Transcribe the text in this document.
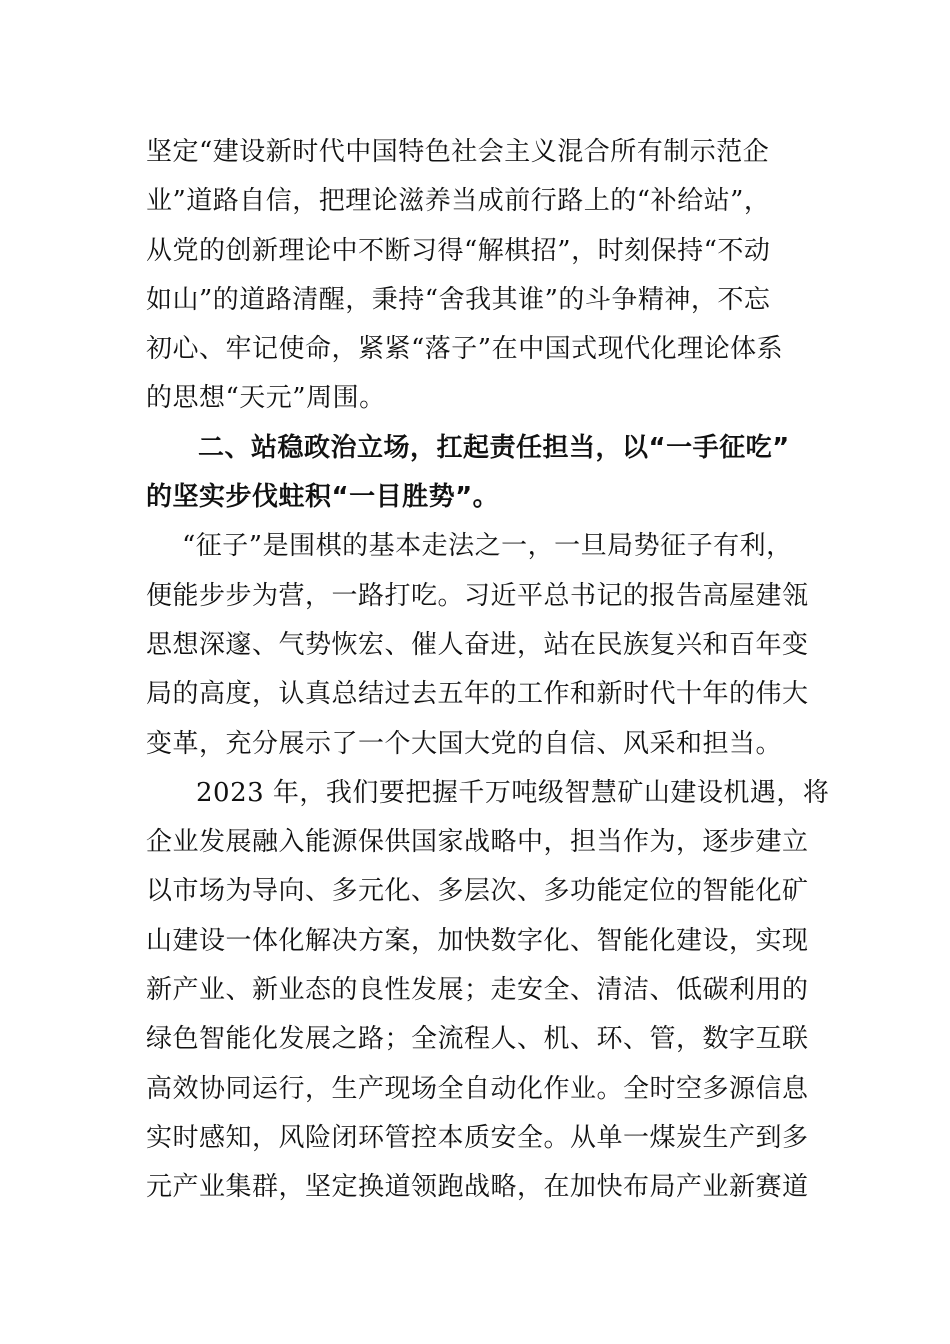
坚定“建设新时代中国特色社会主义混合所有制示范企
业”道路自信，把理论滋养当成前行路上的“补给站”，
从党的创新理论中不断习得“解棋招”，时刻保持“不动
如山”的道路清醒，秉持“舍我其谁”的斗争精神，不忘
初心、牢记使命，紧紧“落子”在中国式现代化理论体系
的思想“天元”周围。
二、站稳政治立场，扛起责任担当，以“一手征吃”
的坚实步伐蛀积“一目胜势”。
“征子”是围棋的基本走法之一，一旦局势征子有利，
便能步步为营，一路打吃。习近平总书记的报告高屋建瓴
思想深邃、气势恢宏、催人奋进，站在民族复兴和百年变
局的高度，认真总结过去五年的工作和新时代十年的伟大
变革，充分展示了一个大国大党的自信、风采和担当。
2023 年，我们要把握千万吨级智慧矿山建设机遇，将
企业发展融入能源保供国家战略中，担当作为，逐步建立
以市场为导向、多元化、多层次、多功能定位的智能化矿
山建设一体化解决方案，加快数字化、智能化建设，实现
新产业、新业态的良性发展；走安全、清洁、低碳利用的
绿色智能化发展之路；全流程人、机、环、管，数字互联
高效协同运行，生产现场全自动化作业。全时空多源信息
实时感知，风险闭环管控本质安全。从单一煤炭生产到多
元产业集群，坚定换道领跑战略，在加快布局产业新赛道
